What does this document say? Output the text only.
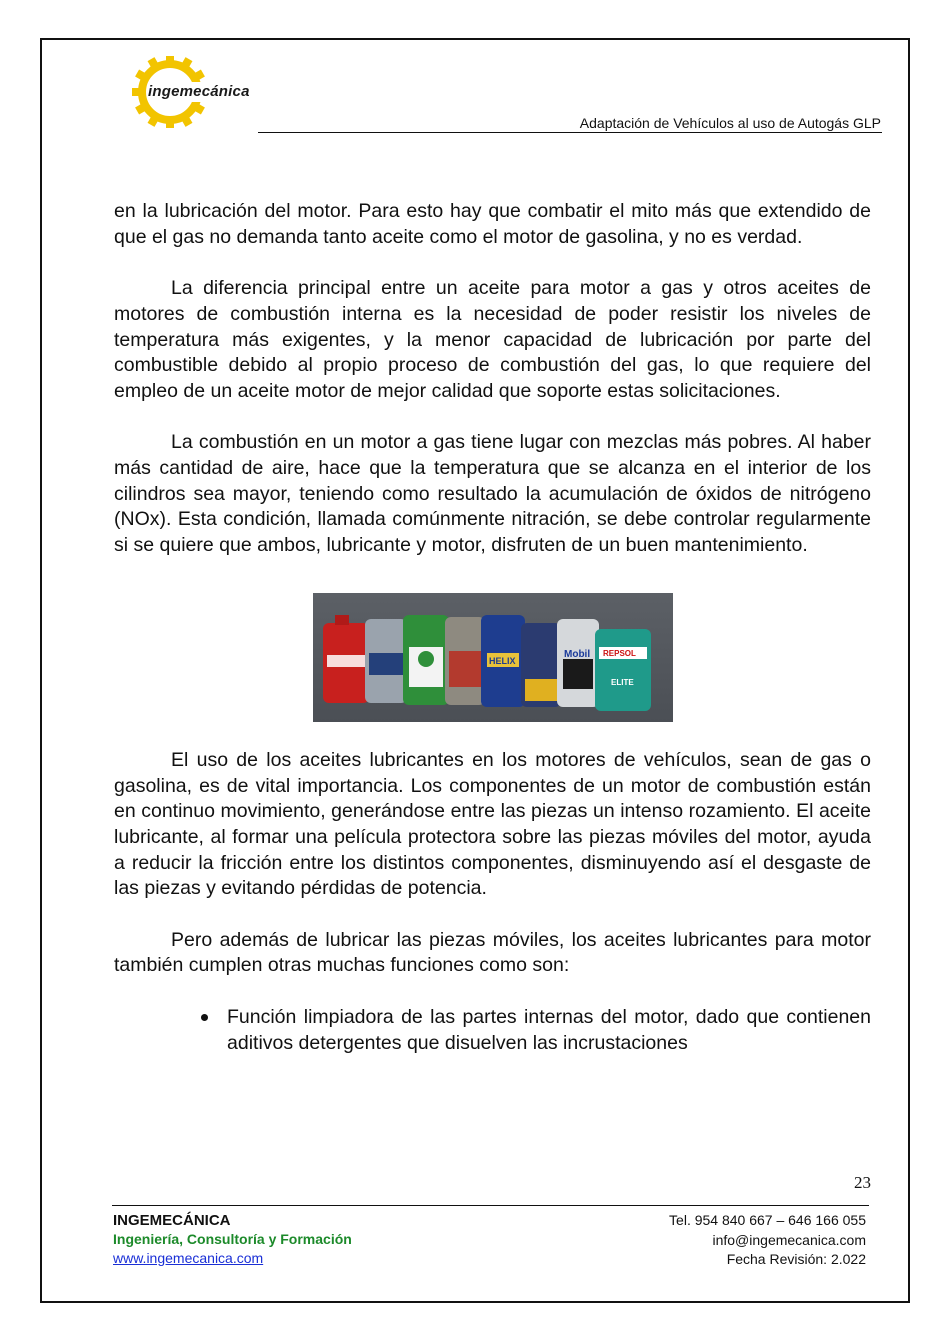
ingemecánica
Adaptación de Vehículos al uso de Autogás GLP

en la lubricación del motor. Para esto hay que combatir el mito más que extendido de que el gas no demanda tanto aceite como el motor de gasolina, y no es verdad.

La diferencia principal entre un aceite para motor a gas y otros aceites de motores de combustión interna es la necesidad de poder resistir los niveles de temperatura más exigentes, y la menor capacidad de lubricación por parte del combustible debido al propio proceso de combustión del gas, lo que requiere del empleo de un aceite motor de mejor calidad que soporte estas solicitaciones.

La combustión en un motor a gas tiene lugar con mezclas más pobres. Al haber más cantidad de aire, hace que la temperatura que se alcanza en el interior de los cilindros sea mayor, teniendo como resultado la acumulación de óxidos de nitrógeno (NOx). Esta condición, llamada comúnmente nitración, se debe controlar regularmente si se quiere que ambos, lubricante y motor, disfruten de un buen mantenimiento.

HELIX
Mobil REPSOL
ELITE

El uso de los aceites lubricantes en los motores de vehículos, sean de gas o gasolina, es de vital importancia. Los componentes de un motor de combustión están en continuo movimiento, generándose entre las piezas un intenso rozamiento. El aceite lubricante, al formar una película protectora sobre las piezas móviles del motor, ayuda a reducir la fricción entre los distintos componentes, disminuyendo así el desgaste de las piezas y evitando pérdidas de potencia.

Pero además de lubricar las piezas móviles, los aceites lubricantes para motor también cumplen otras muchas funciones como son:

Función limpiadora de las partes internas del motor, dado que contienen aditivos detergentes que disuelven las incrustaciones
23
INGEMECÁNICA
Ingeniería, Consultoría y Formación
www.ingemecanica.com
Tel. 954 840 667 – 646 166 055
info@ingemecanica.com
Fecha Revisión: 2.022
